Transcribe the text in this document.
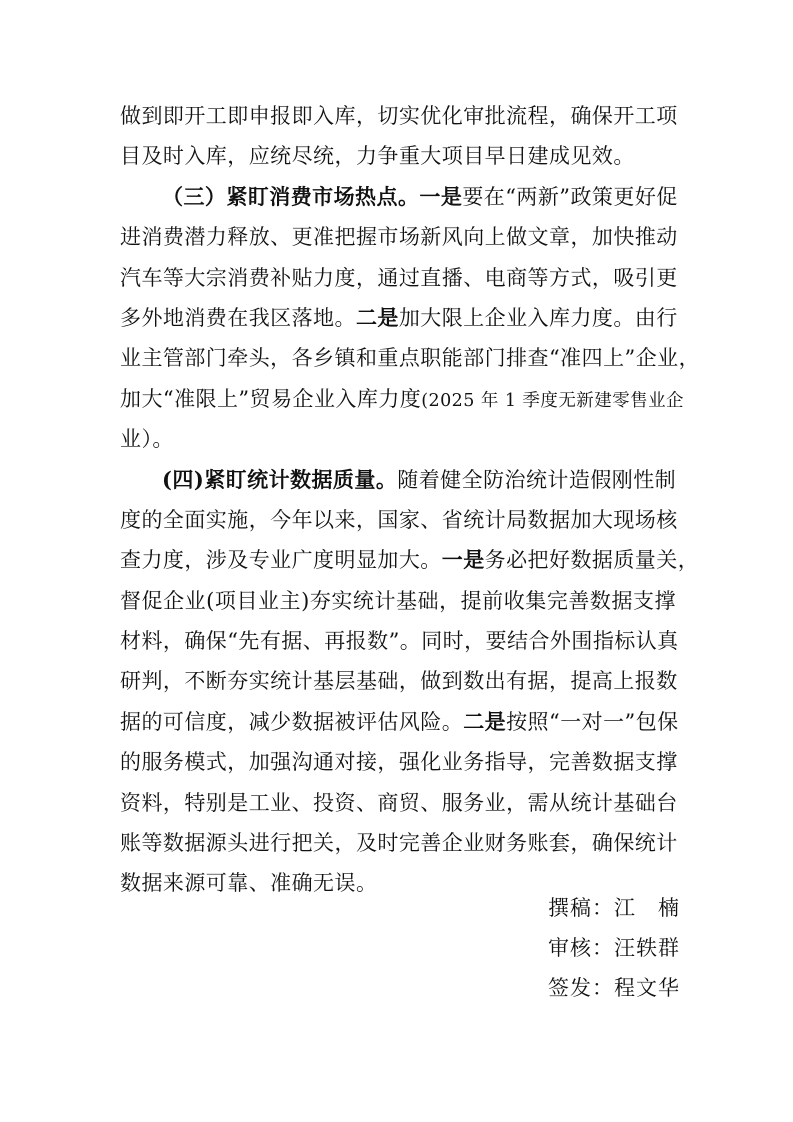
做到即开工即申报即入库，切实优化审批流程，确保开工项
目及时入库，应统尽统，力争重大项目早日建成见效。
（三）紧盯消费市场热点。一是要在“两新”政策更好促
进消费潜力释放、更准把握市场新风向上做文章，加快推动
汽车等大宗消费补贴力度，通过直播、电商等方式，吸引更
多外地消费在我区落地。二是加大限上企业入库力度。由行
业主管部门牵头，各乡镇和重点职能部门排查“准四上”企业，
加大“准限上”贸易企业入库力度(2025 年 1 季度无新建零售业企
业）。
(四)紧盯统计数据质量。随着健全防治统计造假刚性制
度的全面实施，今年以来，国家、省统计局数据加大现场核
查力度，涉及专业广度明显加大。一是务必把好数据质量关，
督促企业(项目业主)夯实统计基础，提前收集完善数据支撑
材料，确保“先有据、再报数”。同时，要结合外围指标认真
研判，不断夯实统计基层基础，做到数出有据，提高上报数
据的可信度，减少数据被评估风险。二是按照“一对一”包保
的服务模式，加强沟通对接，强化业务指导，完善数据支撑
资料，特别是工业、投资、商贸、服务业，需从统计基础台
账等数据源头进行把关，及时完善企业财务账套，确保统计
数据来源可靠、准确无误。
撰稿：江　楠
审核：汪轶群
签发：程文华
